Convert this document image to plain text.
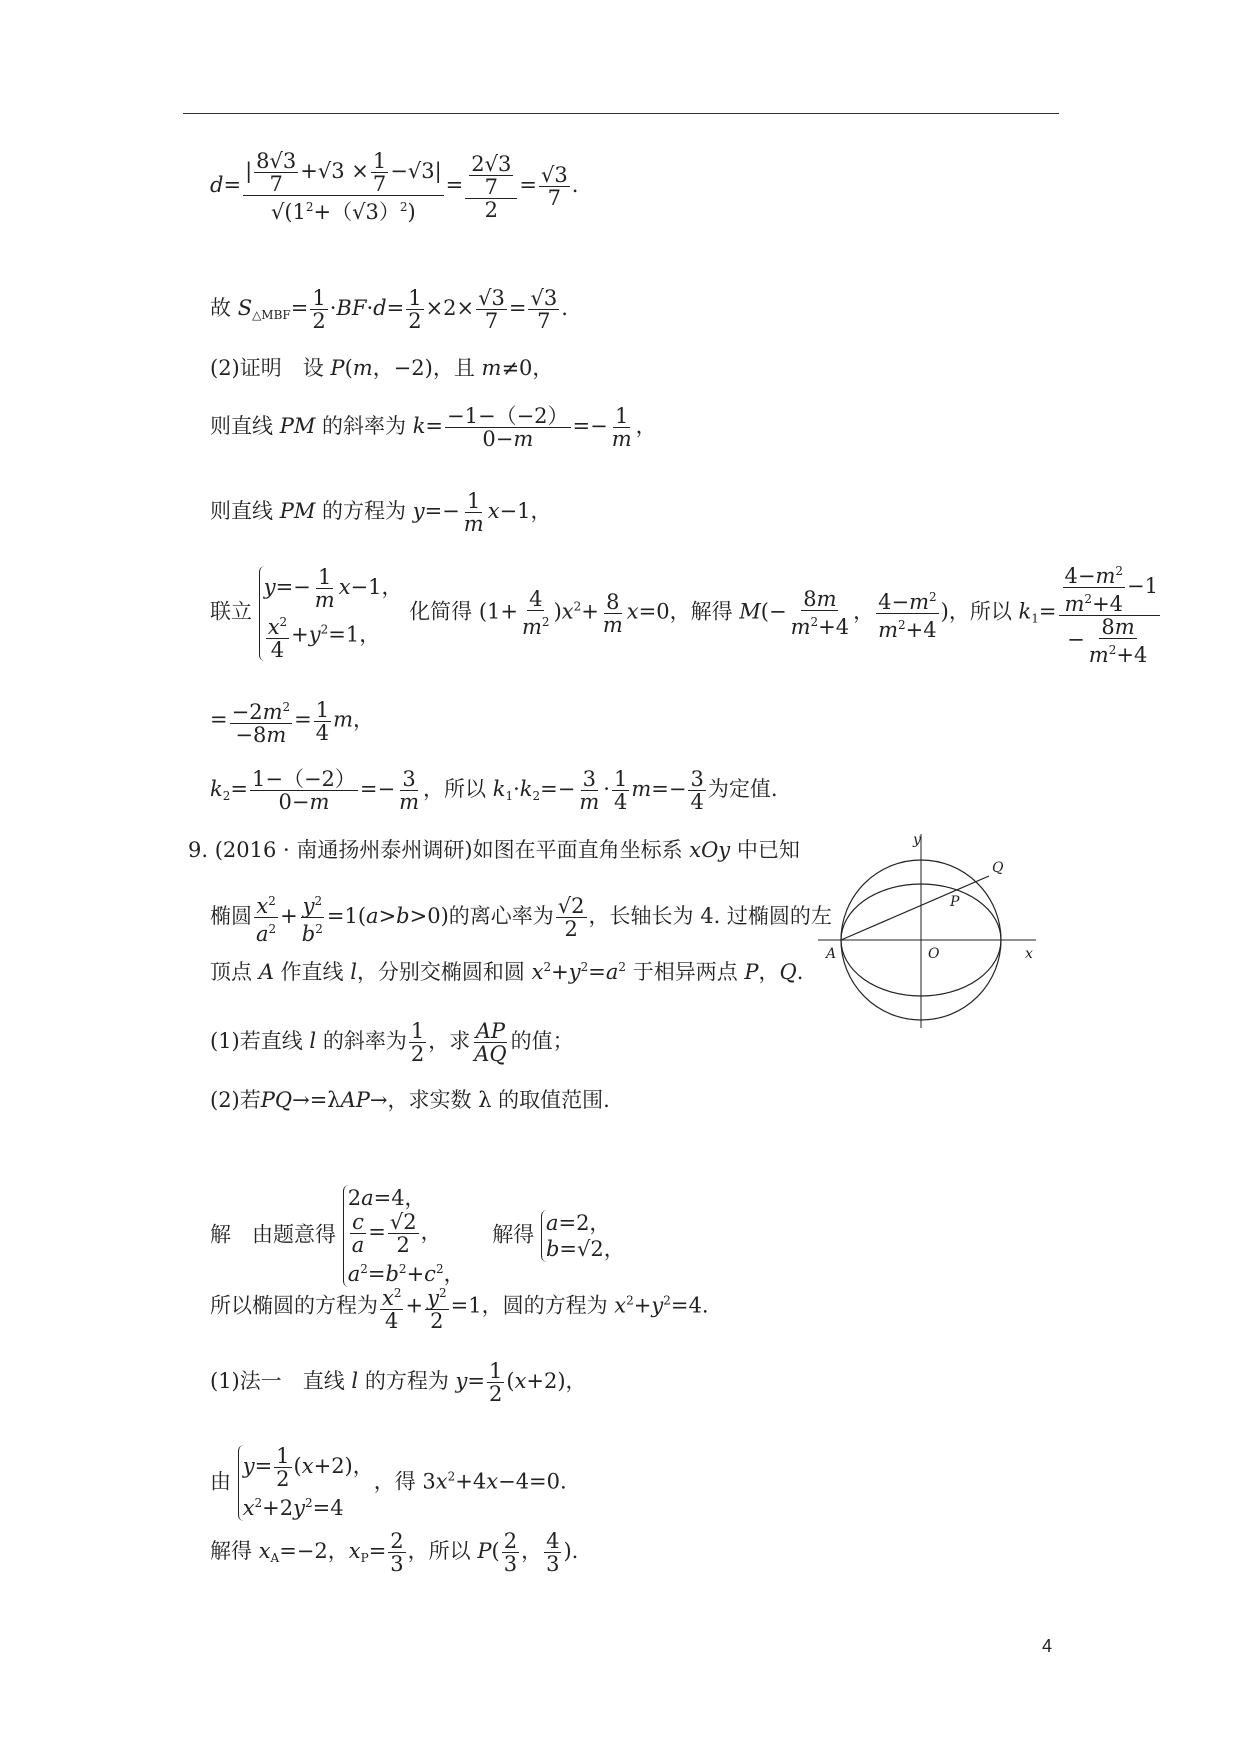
$d= \frac{| \frac{8√3}{7} +√3 \times \frac{1}{7} -√3|}{√(1^2+(√3)^2)} = \frac{\frac{2√3}{7}}{2} = \frac{√3}{7}$ .
故 $S_{\triangle MBF}= \frac{1}{2} \cdot BF\cdot d= \frac{1}{2} \times 2\times \frac{√3}{7} = \frac{√3}{7}$ .
(2)证明　设 P(m，−2)，且 m≠0，
则直线 PM 的斜率为 $k= \frac{-1-(-2)}{0-m} =- \frac{1}{m}$ ，
则直线 PM 的方程为 $y=- \frac{1}{m} x-1$，
联立
$y=- \frac{1}{m} x-1$，
$\frac{x^2}{4} +y^2=1$，
化简得 $(1+ \frac{4}{m^2} )x^2+ \frac{8}{m} x=0$，解得 $M(- \frac{8m}{m^2+4}$ ， $\frac{4-m^2}{m^2+4}$ )，所以 $k_1= \frac{\frac{4-m^2}{m^2+4} -1}{- \frac{8m}{m^2+4}}$
= $\frac{-2m^2}{-8m} = \frac{1}{4}$ m，
$k_2= \frac{1-(-2)}{0-m} =- \frac{3}{m}$ ，所以 $k_1\cdot k_2=- \frac{3}{m} \cdot \frac{1}{4} m=- \frac{3}{4}$ 为定值.
9. (2016 · 南通扬州泰州调研)如图在平面直角坐标系 xOy 中已知
椭圆 $\frac{x^2}{a^2} + \frac{y^2}{b^2} =1(a>b>0)$的离心率为 $\frac{√2}{2}$ ，长轴长为 4. 过椭圆的左
顶点 A 作直线 l，分别交椭圆和圆 $x^2+y^2=a^2$ 于相异两点 P，Q.
(1)若直线 l 的斜率为 $\frac{1}{2}$ ，求 $\frac{AP}{AQ}$ 的值；
(2)若PQ→=λAP→，求实数 λ 的取值范围.
解　由题意得
2a=4，
$\frac{c}{a} = \frac{√2}{2}$ ，
$a^2=b^2+c^2$，
　解得 a=2，
b=√2，
所以椭圆的方程为 $\frac{x^2}{4} + \frac{y^2}{2} =1$，圆的方程为 $x^2+y^2=4$.
(1)法一　直线 l 的方程为 $y= \frac{1}{2} (x+2)$，
由
$y= \frac{1}{2} (x+2)$，
$x^2+2y^2=4$
，得 $3x^2+4x-4=0$.
解得 $x_A=-2$，$x_P= \frac{2}{3}$ ，所以 $P( \frac{2}{3}$ ， $\frac{4}{3}$ ).
y
Q
P
A	O	x
4
